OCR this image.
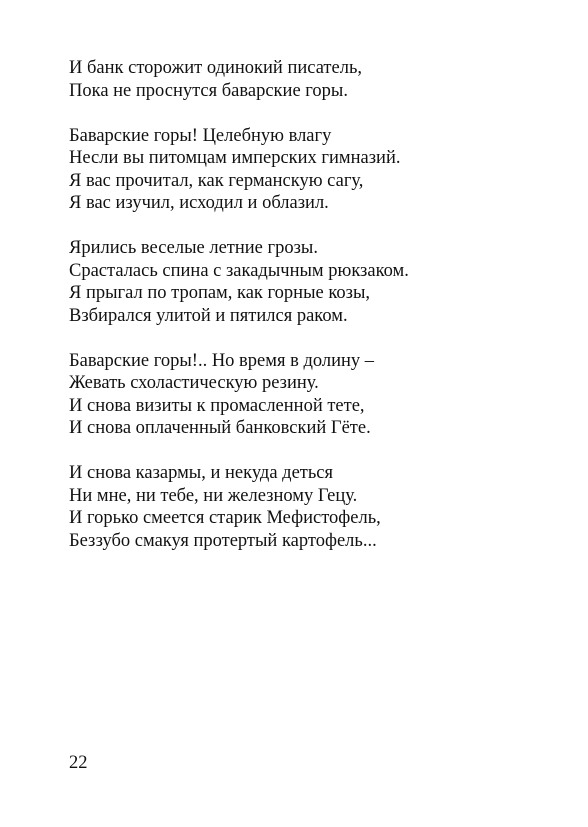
И банк сторожит одинокий писатель,
Пока не проснутся баварские горы.
Баварские горы! Целебную влагу
Несли вы питомцам имперских гимназий.
Я вас прочитал, как германскую сагу,
Я вас изучил, исходил и облазил.
Ярились веселые летние грозы.
Срасталась спина с закадычным рюкзаком.
Я прыгал по тропам, как горные козы,
Взбирался улитой и пятился раком.
Баварские горы!.. Но время в долину –
Жевать схоластическую резину.
И снова визиты к промасленной тете,
И снова оплаченный банковский Гёте.
И снова казармы, и некуда деться
Ни мне, ни тебе, ни железному Гецу.
И горько смеется старик Мефистофель,
Беззубо смакуя протертый картофель...
22
